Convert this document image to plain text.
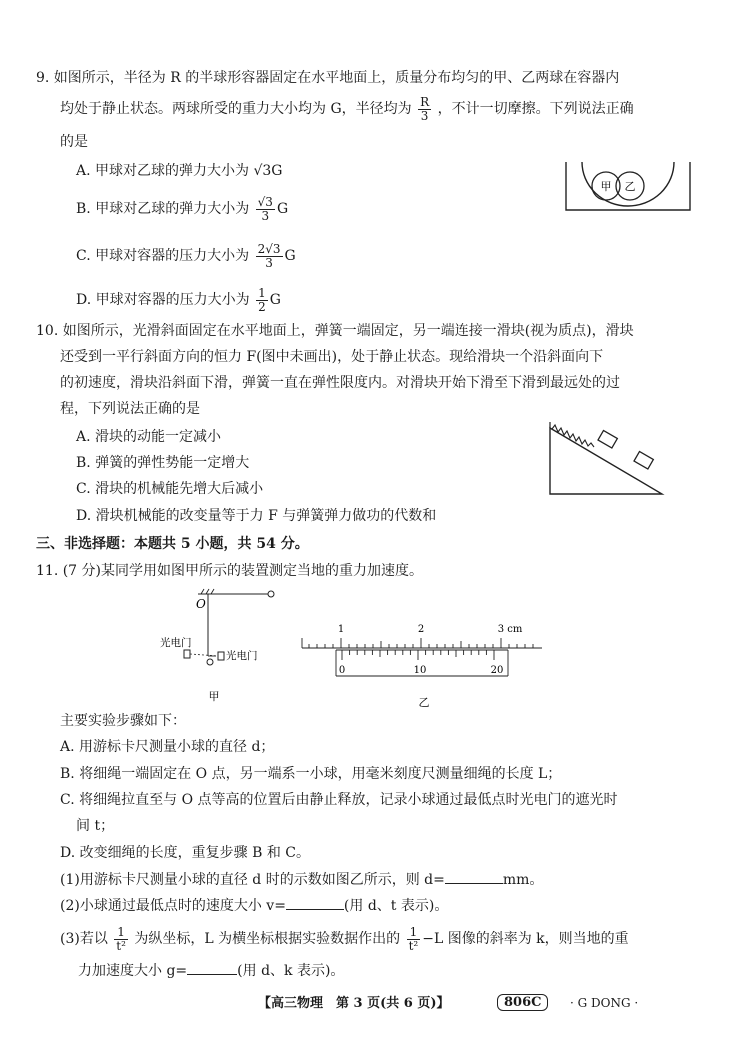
9. 如图所示，半径为 R 的半球形容器固定在水平地面上，质量分布均匀的甲、乙两球在容器内
均处于静止状态。两球所受的重力大小均为 G，半径均为 $\frac{R}{3}$ ，不计一切摩擦。下列说法正确
的是
A. 甲球对乙球的弹力大小为 √3G
B. 甲球对乙球的弹力大小为 $\frac{√3}{3}$ G
C. 甲球对容器的压力大小为 $\frac{2√3}{3}$ G
D. 甲球对容器的压力大小为 $\frac{1}{2}$ G
甲 乙
10. 如图所示，光滑斜面固定在水平地面上，弹簧一端固定，另一端连接一滑块(视为质点)，滑块
还受到一平行斜面方向的恒力 F(图中未画出)，处于静止状态。现给滑块一个沿斜面向下
的初速度，滑块沿斜面下滑，弹簧一直在弹性限度内。对滑块开始下滑至下滑到最远处的过
程，下列说法正确的是
A. 滑块的动能一定减小
B. 弹簧的弹性势能一定增大
C. 滑块的机械能先增大后减小
D. 滑块机械能的改变量等于力 F 与弹簧弹力做功的代数和
三、非选择题：本题共 5 小题，共 54 分。
11. (7 分)某同学用如图甲所示的装置测定当地的重力加速度。
O
光电门
光电门
甲
1	2	3 cm
0	10	20
乙
主要实验步骤如下：
A. 用游标卡尺测量小球的直径 d；
B. 将细绳一端固定在 O 点，另一端系一小球，用毫米刻度尺测量细绳的长度 L；
C. 将细绳拉直至与 O 点等高的位置后由静止释放，记录小球通过最低点时光电门的遮光时
间 t；
D. 改变细绳的长度，重复步骤 B 和 C。
(1)用游标卡尺测量小球的直径 d 时的示数如图乙所示，则 d=	mm。
(2)小球通过最低点时的速度大小 v=	(用 d、t 表示)。
(3)若以 $\frac{1}{\text{t²}}$ 为纵坐标，L 为横坐标根据实验数据作出的 $\frac{1}{\text{t²}} -L$ 图像的斜率为 k，则当地的重
力加速度大小 g=	(用 d、k 表示)。
【高三物理　第 3 页(共 6 页)】	806C	· G DONG ·
